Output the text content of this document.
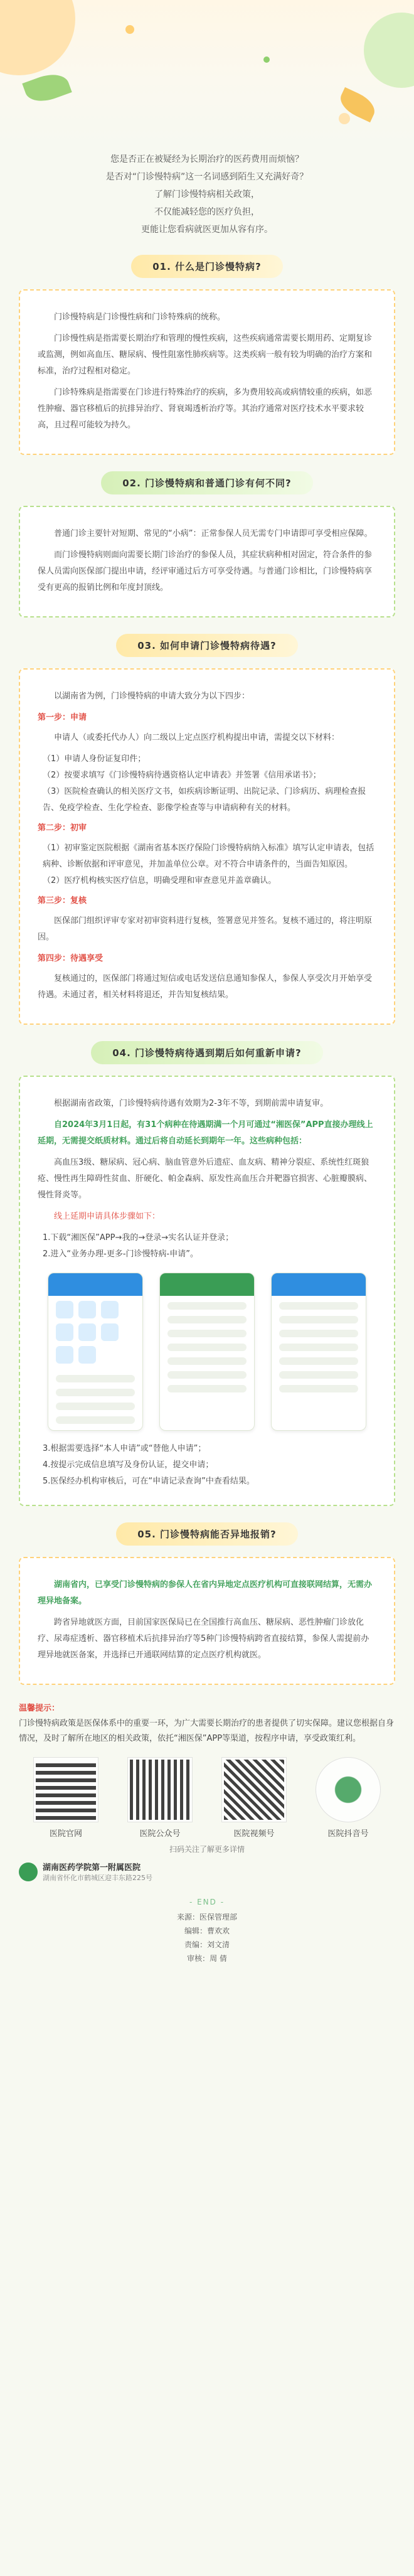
您是否正在被疑经为长期治疗的医药费用而烦恼？
是否对“门诊慢特病”这一名词感到陌生又充满好奇？
了解门诊慢特病相关政策，
不仅能减轻您的医疗负担，
更能让您看病就医更加从容有序。
01. 什么是门诊慢特病?

门诊慢特病是门诊慢性病和门诊特殊病的统称。

门诊慢性病是指需要长期治疗和管理的慢性疾病，这些疾病通常需要长期用药、定期复诊或监测，例如高血压、糖尿病、慢性阻塞性肺疾病等。这类疾病一般有较为明确的治疗方案和标准，治疗过程相对稳定。

门诊特殊病是指需要在门诊进行特殊治疗的疾病，多为费用较高或病情较重的疾病，如恶性肿瘤、器官移植后的抗排异治疗、肾衰竭透析治疗等。其治疗通常对医疗技术水平要求较高，且过程可能较为持久。

02. 门诊慢特病和普通门诊有何不同?

普通门诊主要针对短期、常见的“小病”：正常参保人员无需专门申请即可享受相应保障。

而门诊慢特病则面向需要长期门诊治疗的参保人员，其症状病种相对固定，符合条件的参保人员需向医保部门提出申请，经评审通过后方可享受待遇。与普通门诊相比，门诊慢特病享受有更高的报销比例和年度封顶线。

03. 如何申请门诊慢特病待遇?

以湖南省为例，门诊慢特病的申请大致分为以下四步：

第一步：申请

申请人（或委托代办人）向二级以上定点医疗机构提出申请，需提交以下材料：

（1）申请人身份证复印件；

（2）按要求填写《门诊慢特病待遇资格认定申请表》并签署《信用承诺书》；

（3）医院检查确认的相关医疗文书，如疾病诊断证明、出院记录、门诊病历、病理检查报告、免疫学检查、生化学检查、影像学检查等与申请病种有关的材料。

第二步：初审

（1）初审鉴定医院根据《湖南省基本医疗保险门诊慢特病纳入标准》填写认定申请表，包括病种、诊断依据和评审意见，并加盖单位公章。对不符合申请条件的，当面告知原因。

（2）医疗机构核实医疗信息，明确受理和审查意见并盖章确认。

第三步：复核

医保部门组织评审专家对初审资料进行复核，签署意见并签名。复核不通过的，将注明原因。

第四步：待遇享受

复核通过的，医保部门将通过短信或电话发送信息通知参保人，参保人享受次月开始享受待遇。未通过者，相关材料将退还，并告知复核结果。

04. 门诊慢特病待遇到期后如何重新申请?

根据湖南省政策，门诊慢特病待遇有效期为2-3年不等，到期前需申请复审。

自2024年3月1日起，有31个病种在待遇期满一个月可通过“湘医保”APP直接办理线上延期，无需提交纸质材料。通过后将自动延长到期年一年。这些病种包括：

高血压3级、糖尿病、冠心病、脑血管意外后遗症、血友病、精神分裂症、系统性红斑狼疮、慢性再生障碍性贫血、肝硬化、帕金森病、原发性高血压合并靶器官损害、心脏瓣膜病、慢性肾炎等。

线上延期申请具体步骤如下：

1.下载“湘医保”APP→我的→登录→实名认证并登录；

2.进入“业务办理-更多-门诊慢特病-申请”。

3.根据需要选择“本人申请”或“替他人申请”；

4.按提示完成信息填写及身份认证，提交申请；

5.医保经办机构审核后，可在“申请记录查询”中查看结果。

05. 门诊慢特病能否异地报销?

湖南省内，已享受门诊慢特病的参保人在省内异地定点医疗机构可直接联网结算，无需办理异地备案。

跨省异地就医方面，目前国家医保局已在全国推行高血压、糖尿病、恶性肿瘤门诊放化疗、尿毒症透析、器官移植术后抗排异治疗等5种门诊慢特病跨省直接结算，参保人需提前办理异地就医备案，并选择已开通联网结算的定点医疗机构就医。

温馨提示：
门诊慢特病政策是医保体系中的重要一环，为广大需要长期治疗的患者提供了切实保障。建议您根据自身情况，及时了解所在地区的相关政策，依托“湘医保”APP等渠道，按程序申请，享受政策红利。
医院官网	医院公众号	医院视频号	医院抖音号
扫码关注了解更多详情
湖南医药学院第一附属医院
湖南省怀化市鹤城区迎丰东路225号
- END -
来源：医保管理部
编辑：曹欢欢
责编：刘文清
审核：周 倩
